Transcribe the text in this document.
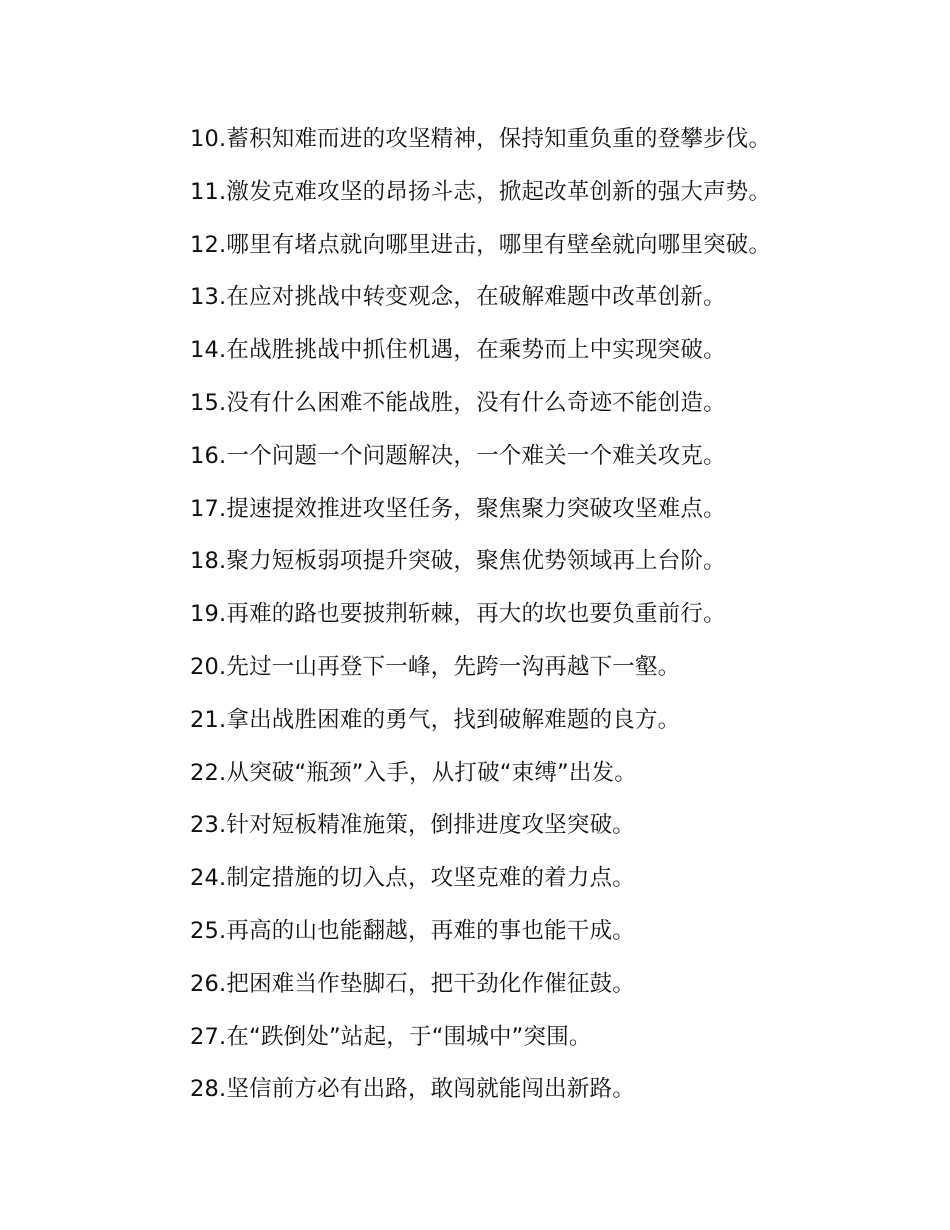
10.蓄积知难而进的攻坚精神，保持知重负重的登攀步伐。
11.激发克难攻坚的昂扬斗志，掀起改革创新的强大声势。
12.哪里有堵点就向哪里进击，哪里有壁垒就向哪里突破。
13.在应对挑战中转变观念，在破解难题中改革创新。
14.在战胜挑战中抓住机遇，在乘势而上中实现突破。
15.没有什么困难不能战胜，没有什么奇迹不能创造。
16.一个问题一个问题解决，一个难关一个难关攻克。
17.提速提效推进攻坚任务，聚焦聚力突破攻坚难点。
18.聚力短板弱项提升突破，聚焦优势领域再上台阶。
19.再难的路也要披荆斩棘，再大的坎也要负重前行。
20.先过一山再登下一峰，先跨一沟再越下一壑。
21.拿出战胜困难的勇气，找到破解难题的良方。
22.从突破“瓶颈”入手，从打破“束缚”出发。
23.针对短板精准施策，倒排进度攻坚突破。
24.制定措施的切入点，攻坚克难的着力点。
25.再高的山也能翻越，再难的事也能干成。
26.把困难当作垫脚石，把干劲化作催征鼓。
27.在“跌倒处”站起，于“围城中”突围。
28.坚信前方必有出路，敢闯就能闯出新路。
